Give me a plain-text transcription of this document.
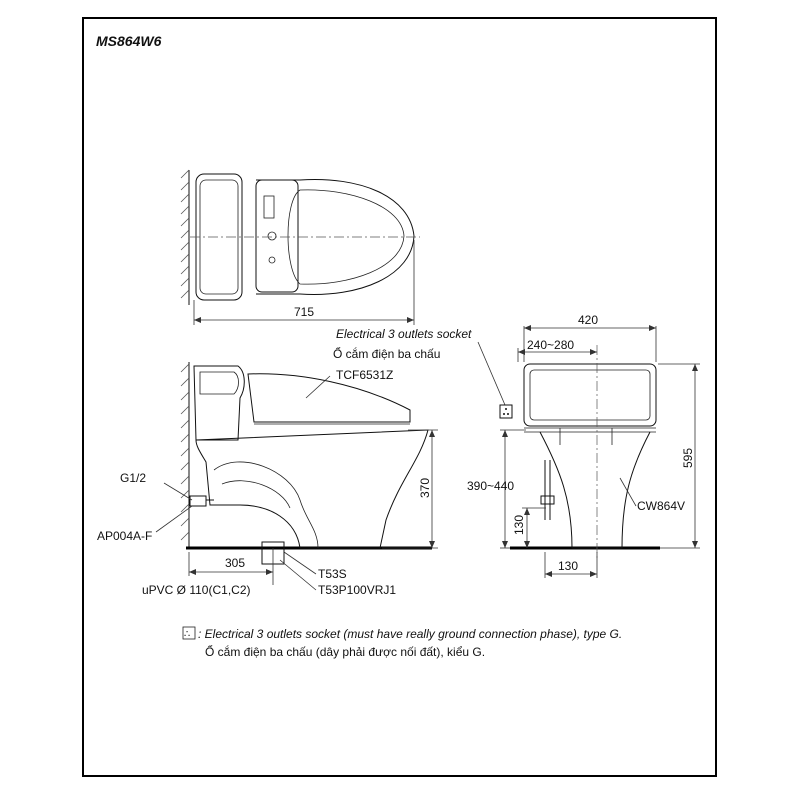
MS864W6
715
Electrical 3 outlets socket
Ổ cắm điện ba chấu
370
305
TCF6531Z
G1/2
AP004A-F
T53S
T53P100VRJ1
uPVC Ø 110(C1,C2)
420
240~280
595
390~440
130
130
CW864V
∴ : Electrical 3 outlets socket (must have really ground connection phase), type G.
Ổ cắm điện ba chấu (dây phải được nối đất), kiểu G.
